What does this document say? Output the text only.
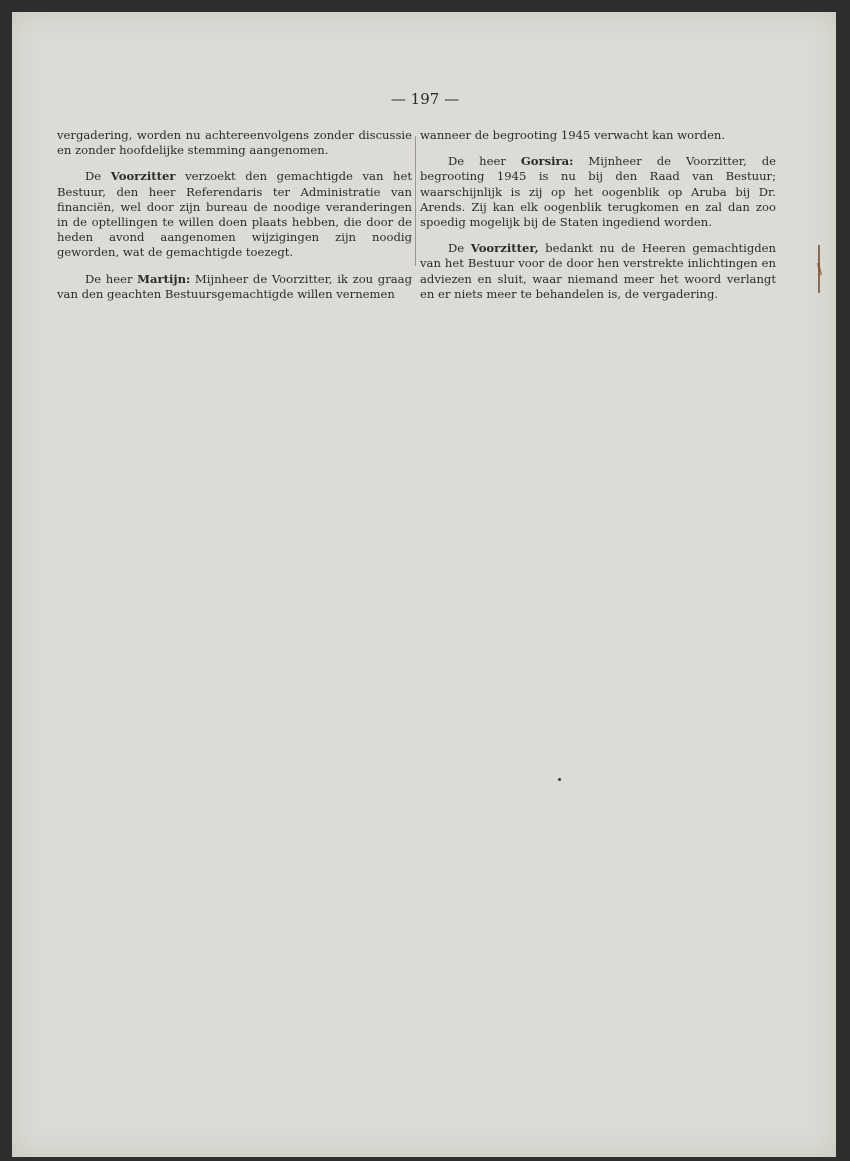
— 197 —

vergadering, worden nu achtereenvolgens zonder discussie en zonder hoofdelijke stemming aangenomen.

De Voorzitter verzoekt den gemachtigde van het Bestuur, den heer Referendaris ter Administratie van financiën, wel door zijn bureau de noodige veranderingen in de optellingen te willen doen plaats hebben, die door de heden avond aangenomen wijzigingen zijn noodig geworden, wat de gemachtigde toezegt.

De heer Martijn: Mijnheer de Voorzitter, ik zou graag van den geachten Bestuursgemachtigde willen vernemen

wanneer de begrooting 1945 verwacht kan worden.

De heer Gorsira: Mijnheer de Voorzitter, de begrooting 1945 is nu bij den Raad van Bestuur; waarschijnlijk is zij op het oogenblik op Aruba bij Dr. Arends. Zij kan elk oogenblik terugkomen en zal dan zoo spoedig mogelijk bij de Staten ingediend worden.

De Voorzitter, bedankt nu de Heeren gemachtigden van het Bestuur voor de door hen verstrekte inlichtingen en adviezen en sluit, waar niemand meer het woord verlangt en er niets meer te behandelen is, de vergadering.
